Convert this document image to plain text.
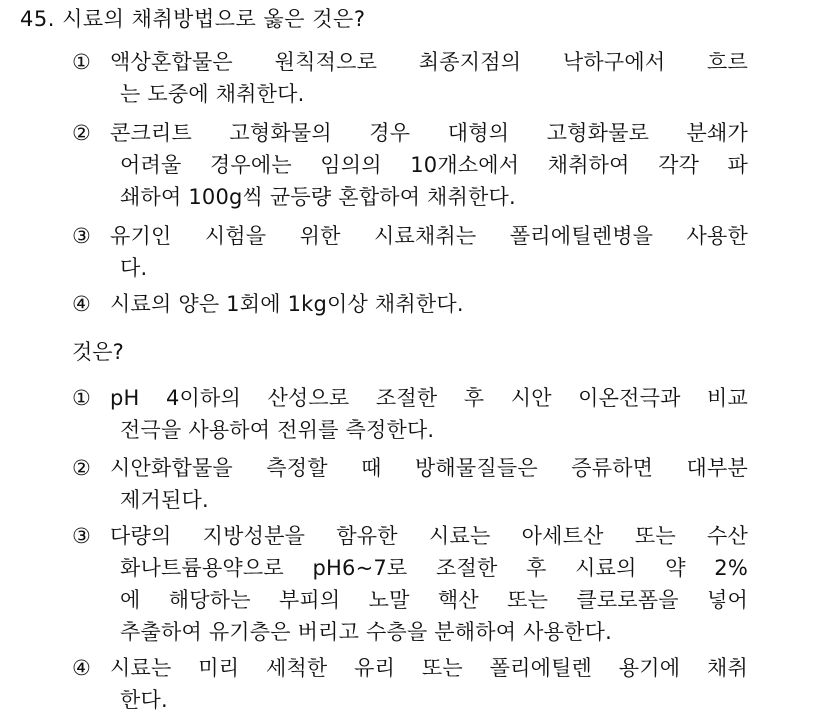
45. 시료의 채취방법으로 옳은 것은?
① 액상혼합물은 원칙적으로 최종지점의 낙하구에서 흐르
는 도중에 채취한다.
② 콘크리트 고형화물의 경우 대형의 고형화물로 분쇄가
어려울 경우에는 임의의 10개소에서 채취하여 각각 파
쇄하여 100g씩 균등량 혼합하여 채취한다.
③ 유기인 시험을 위한 시료채취는 폴리에틸렌병을 사용한
다.
④ 시료의 양은 1회에 1kg이상 채취한다.
것은?
① pH 4이하의 산성으로 조절한 후 시안 이온전극과 비교
전극을 사용하여 전위를 측정한다.
② 시안화합물을 측정할 때 방해물질들은 증류하면 대부분
제거된다.
③ 다량의 지방성분을 함유한 시료는 아세트산 또는 수산
화나트륨용약으로 pH6~7로 조절한 후 시료의 약 2%
에 해당하는 부피의 노말 핵산 또는 클로로폼을 넣어
추출하여 유기층은 버리고 수층을 분해하여 사용한다.
④ 시료는 미리 세척한 유리 또는 폴리에틸렌 용기에 채취
한다.
